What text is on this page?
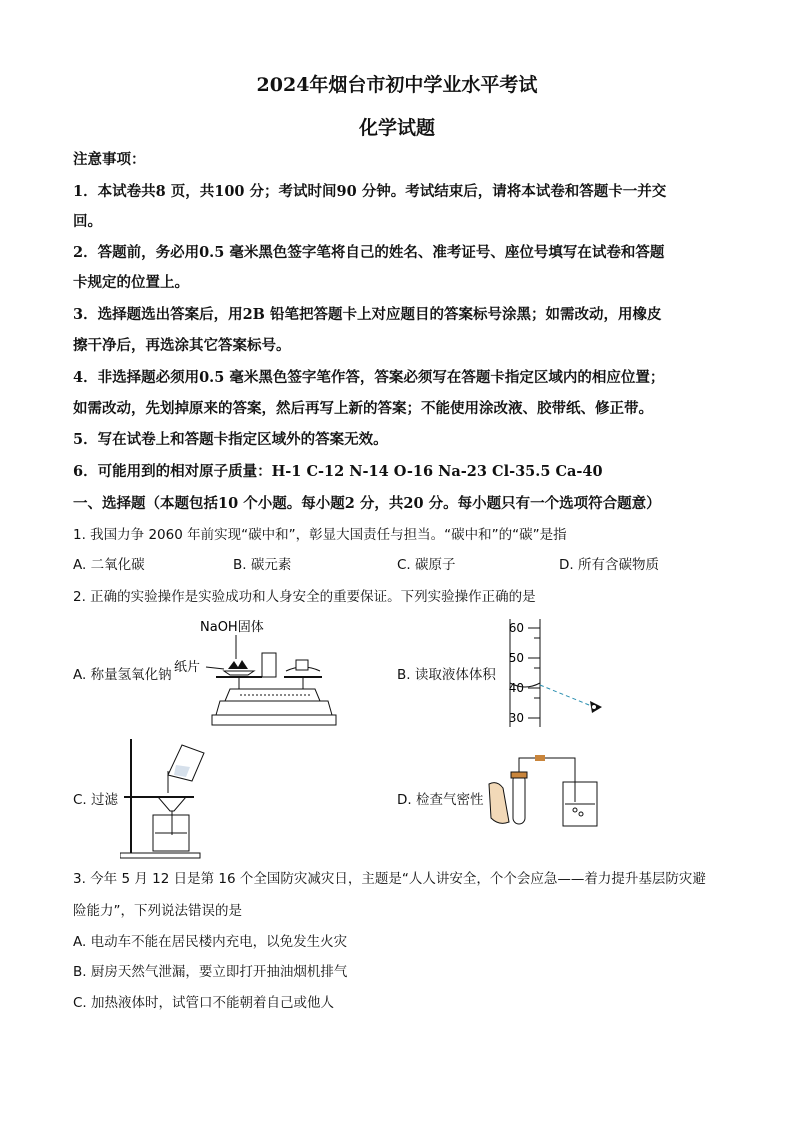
2024年烟台市初中学业水平考试
化学试题
注意事项：
1．本试卷共8 页，共100 分；考试时间90 分钟。考试结束后，请将本试卷和答题卡一并交
回。
2．答题前，务必用0.5 毫米黑色签字笔将自己的姓名、准考证号、座位号填写在试卷和答题
卡规定的位置上。
3．选择题选出答案后，用2B 铅笔把答题卡上对应题目的答案标号涂黑；如需改动，用橡皮
擦干净后，再选涂其它答案标号。
4．非选择题必须用0.5 毫米黑色签字笔作答，答案必须写在答题卡指定区域内的相应位置；
如需改动，先划掉原来的答案，然后再写上新的答案；不能使用涂改液、胶带纸、修正带。
5．写在试卷上和答题卡指定区域外的答案无效。
6．可能用到的相对原子质量：H-1 C-12 N-14 O-16 Na-23 Cl-35.5 Ca-40
一、选择题（本题包括10 个小题。每小题2 分，共20 分。每小题只有一个选项符合题意）
1. 我国力争 2060 年前实现“碳中和”，彰显大国责任与担当。“碳中和”的“碳”是指
A. 二氧化碳	B. 碳元素	C. 碳原子	D. 所有含碳物质
2. 正确的实验操作是实验成功和人身安全的重要保证。下列实验操作正确的是
A. 称量氢氧化钠
NaOH固体
纸片	B. 读取液体体积
60
50
40
30
C. 过滤	D. 检查气密性
3. 今年 5 月 12 日是第 16 个全国防灾减灾日，主题是“人人讲安全，个个会应急——着力提升基层防灾避
险能力”，下列说法错误的是
A. 电动车不能在居民楼内充电，以免发生火灾
B. 厨房天然气泄漏，要立即打开抽油烟机排气
C. 加热液体时，试管口不能朝着自己或他人
